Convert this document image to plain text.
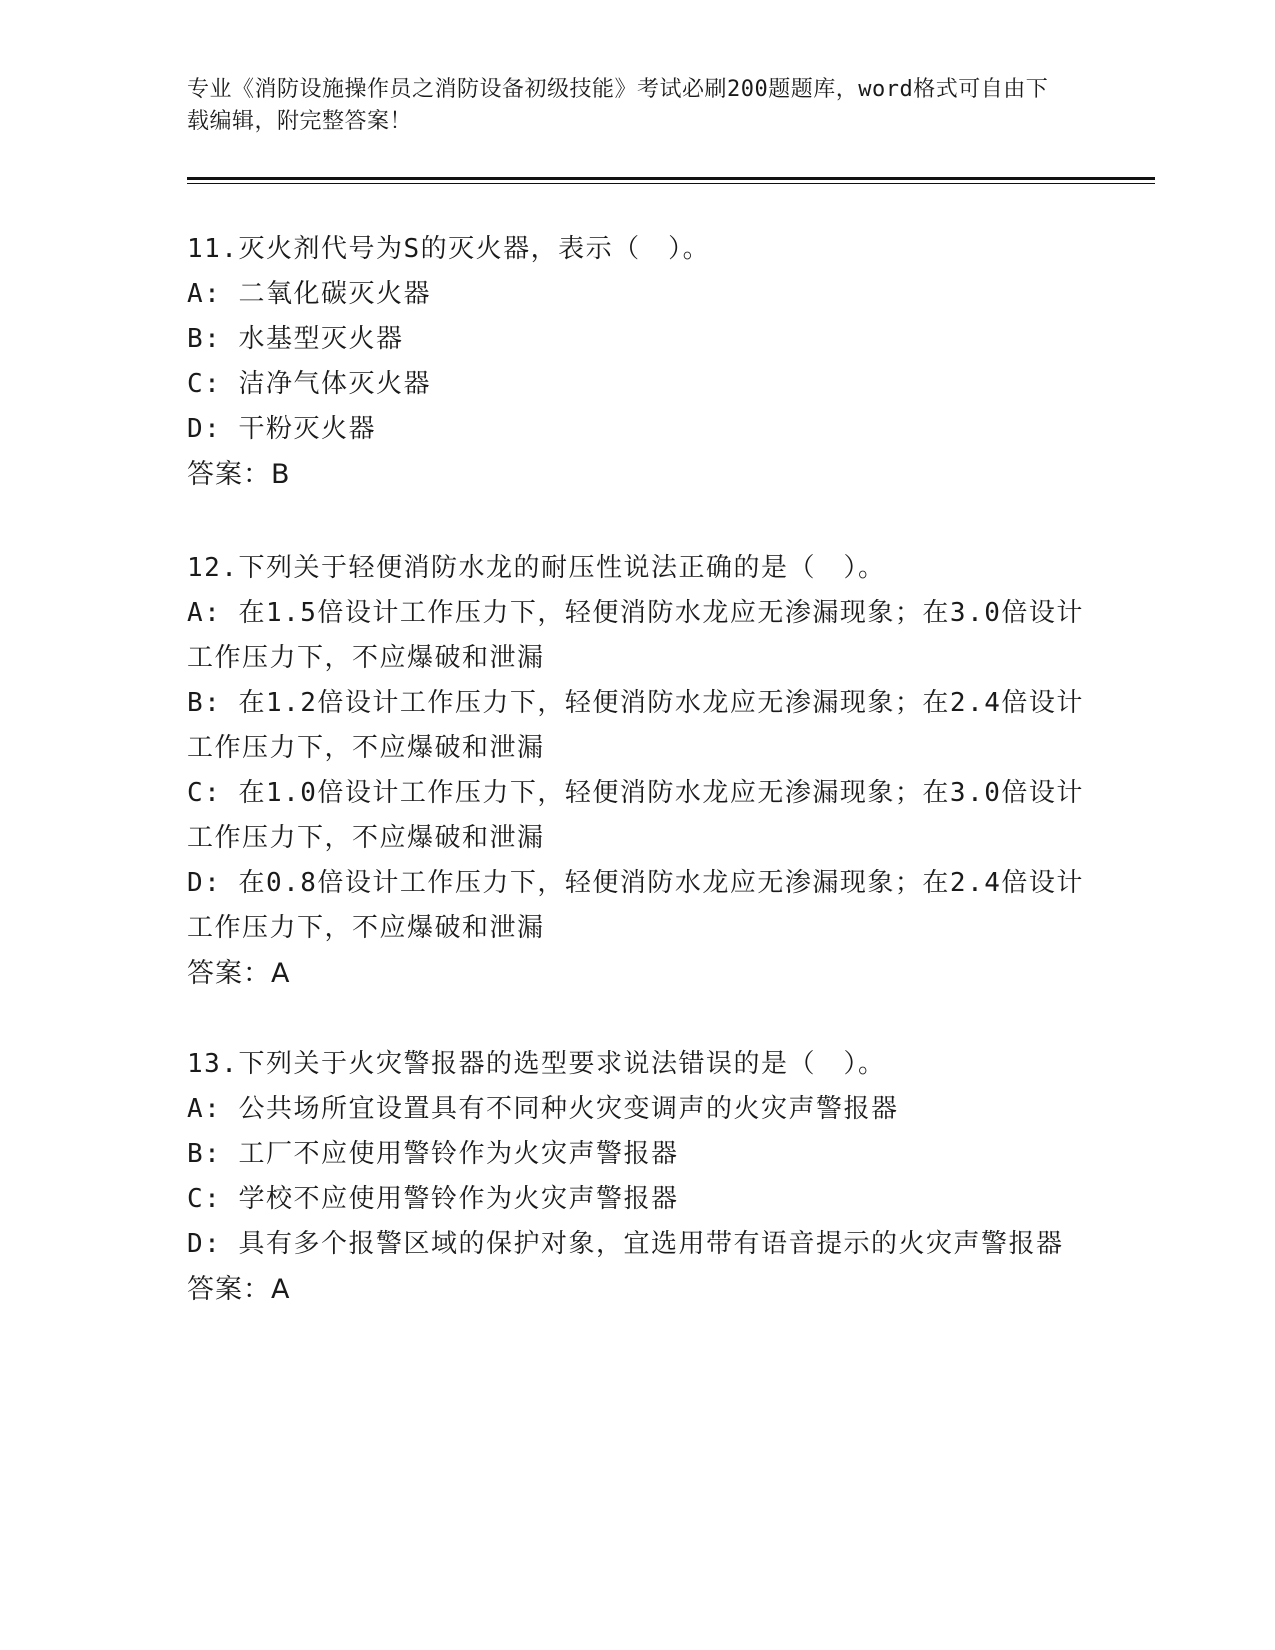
专业《消防设施操作员之消防设备初级技能》考试必刷200题题库，word格式可自由下载编辑，附完整答案！
11.灭火剂代号为S的灭火器，表示（　）。
A: 二氧化碳灭火器
B: 水基型灭火器
C: 洁净气体灭火器
D: 干粉灭火器
答案：B
12.下列关于轻便消防水龙的耐压性说法正确的是（　）。
A: 在1.5倍设计工作压力下，轻便消防水龙应无渗漏现象；在3.0倍设计工作压力下，不应爆破和泄漏
B: 在1.2倍设计工作压力下，轻便消防水龙应无渗漏现象；在2.4倍设计工作压力下，不应爆破和泄漏
C: 在1.0倍设计工作压力下，轻便消防水龙应无渗漏现象；在3.0倍设计工作压力下，不应爆破和泄漏
D: 在0.8倍设计工作压力下，轻便消防水龙应无渗漏现象；在2.4倍设计工作压力下，不应爆破和泄漏
答案：A
13.下列关于火灾警报器的选型要求说法错误的是（　）。
A: 公共场所宜设置具有不同种火灾变调声的火灾声警报器
B: 工厂不应使用警铃作为火灾声警报器
C: 学校不应使用警铃作为火灾声警报器
D: 具有多个报警区域的保护对象，宜选用带有语音提示的火灾声警报器
答案：A
